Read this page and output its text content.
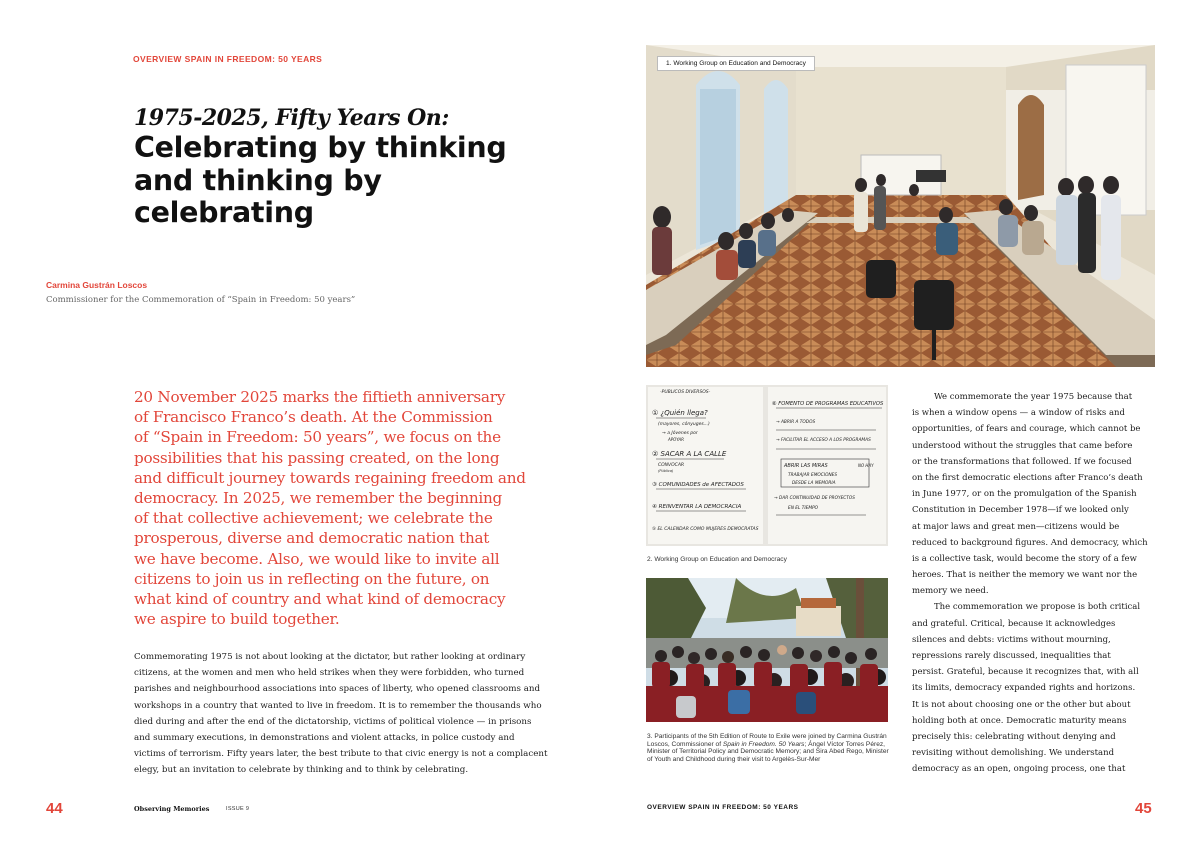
OVERVIEW SPAIN IN FREEDOM: 50 YEARS
1975-2025, Fifty Years On:
Celebrating by thinking
and thinking by
celebrating
Carmina Gustrán Loscos
Commissioner for the Commemoration of “Spain in Freedom: 50 years”
20 November 2025 marks the fiftieth anniversary
of Francisco Franco’s death. At the Commission
of “Spain in Freedom: 50 years”, we focus on the
possibilities that his passing created, on the long
and difficult journey towards regaining freedom and
democracy. In 2025, we remember the beginning
of that collective achievement; we celebrate the
prosperous, diverse and democratic nation that
we have become. Also, we would like to invite all
citizens to join us in reflecting on the future, on
what kind of country and what kind of democracy
we aspire to build together.
Commemorating 1975 is not about looking at the dictator, but rather looking at ordinary
citizens, at the women and men who held strikes when they were forbidden, who turned
parishes and neighbourhood associations into spaces of liberty, who opened classrooms and
workshops in a country that wanted to live in freedom. It is to remember the thousands who
died during and after the end of the dictatorship, victims of political violence — in prisons
and summary executions, in demonstrations and violent attacks, in police custody and
victims of terrorism. Fifty years later, the best tribute to that civic energy is not a complacent
elegy, but an invitation to celebrate by thinking and to think by celebrating.
44	Observing Memories	ISSUE 9
1. Working Group on Education and Democracy
-PUBLICOS DIVERSOS-
① ¿Quién llega?
(mayores, cónyuges...)
→ a Jóvenes por
APOYAR
② SACAR A LA CALLE
CONVOCAR
(Pública)
③ COMUNIDADES de AFECTADOS
④ REINVENTAR LA DEMOCRACIA
⑤ EL CALENDAR COMO MUJERES DEMOCRATAS
⑥ FOMENTO DE PROGRAMAS EDUCATIVOS
→ ABRIR A TODOS
→ FACILITAR EL ACCESO A LOS PROGRAMAS
ABRIR LAS MIRAS	NO HAY
TRABAJAR EMOCIONES
DESDE LA MEMORIA
→ DAR CONTINUIDAD DE PROYECTOS
EN EL TIEMPO
2. Working Group on Education and Democracy
3. Participants of the 5th Edition of Route to Exile were joined by Carmina Gustrán Loscos, Commissioner of Spain in Freedom. 50 Years; Ángel Víctor Torres Pérez, Minister of Territorial Policy and Democratic Memory; and Sira Abed Rego, Minister of Youth and Childhood during their visit to Argelès-Sur-Mer

We commemorate the year 1975 because that
is when a window opens — a window of risks and
opportunities, of fears and courage, which cannot be
understood without the struggles that came before
or the transformations that followed. If we focused
on the first democratic elections after Franco’s death
in June 1977, or on the promulgation of the Spanish
Constitution in December 1978—if we looked only
at major laws and great men—citizens would be
reduced to background figures. And democracy, which
is a collective task, would become the story of a few
heroes. That is neither the memory we want nor the
memory we need.

The commemoration we propose is both critical
and grateful. Critical, because it acknowledges
silences and debts: victims without mourning,
repressions rarely discussed, inequalities that
persist. Grateful, because it recognizes that, with all
its limits, democracy expanded rights and horizons.
It is not about choosing one or the other but about
holding both at once. Democratic maturity means
precisely this: celebrating without denying and
revisiting without demolishing. We understand
democracy as an open, ongoing process, one that

OVERVIEW SPAIN IN FREEDOM: 50 YEARS	45
